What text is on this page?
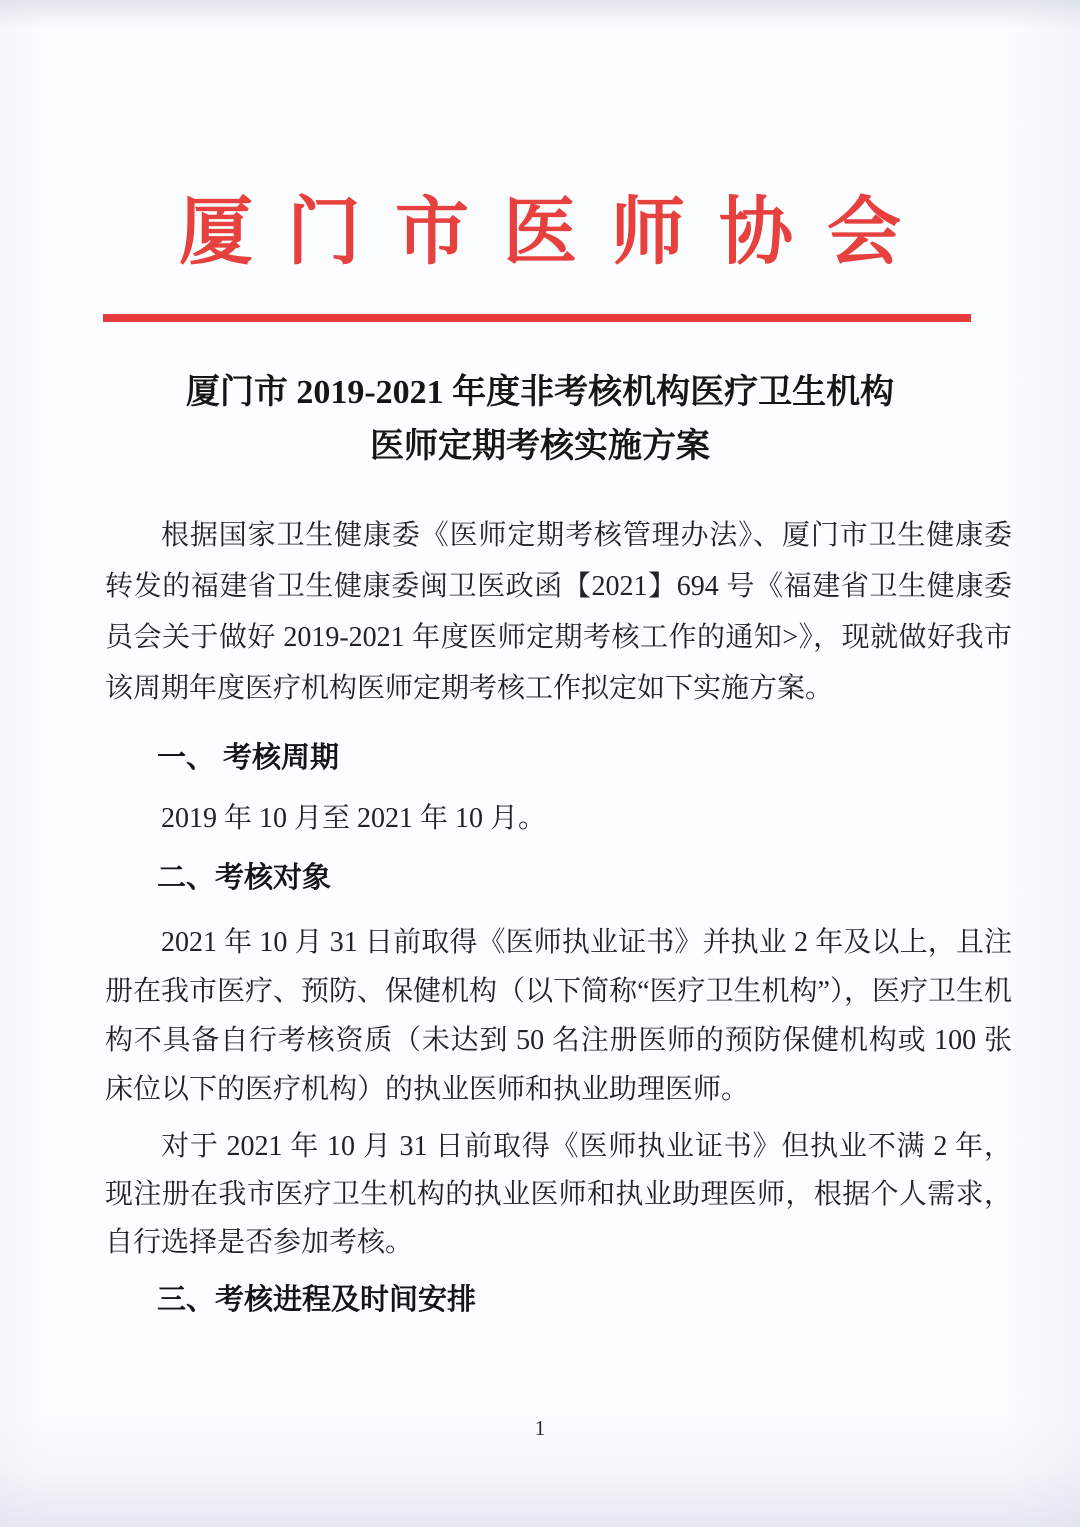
厦门市医师协会
厦门市 2019-2021 年度非考核机构医疗卫生机构
医师定期考核实施方案

根据国家卫生健康委《医师定期考核管理办法》、厦门市卫生健康委转发的福建省卫生健康委闽卫医政函【2021】694 号《福建省卫生健康委员会关于做好 2019-2021 年度医师定期考核工作的通知>》，现就做好我市该周期年度医疗机构医师定期考核工作拟定如下实施方案。

一、 考核周期

2019 年 10 月至 2021 年 10 月。

二、考核对象

2021 年 10 月 31 日前取得《医师执业证书》并执业 2 年及以上，且注册在我市医疗、预防、保健机构（以下简称“医疗卫生机构”），医疗卫生机构不具备自行考核资质（未达到 50 名注册医师的预防保健机构或 100 张床位以下的医疗机构）的执业医师和执业助理医师。

对于 2021 年 10 月 31 日前取得《医师执业证书》但执业不满 2 年，现注册在我市医疗卫生机构的执业医师和执业助理医师，根据个人需求，自行选择是否参加考核。

三、考核进程及时间安排
1
